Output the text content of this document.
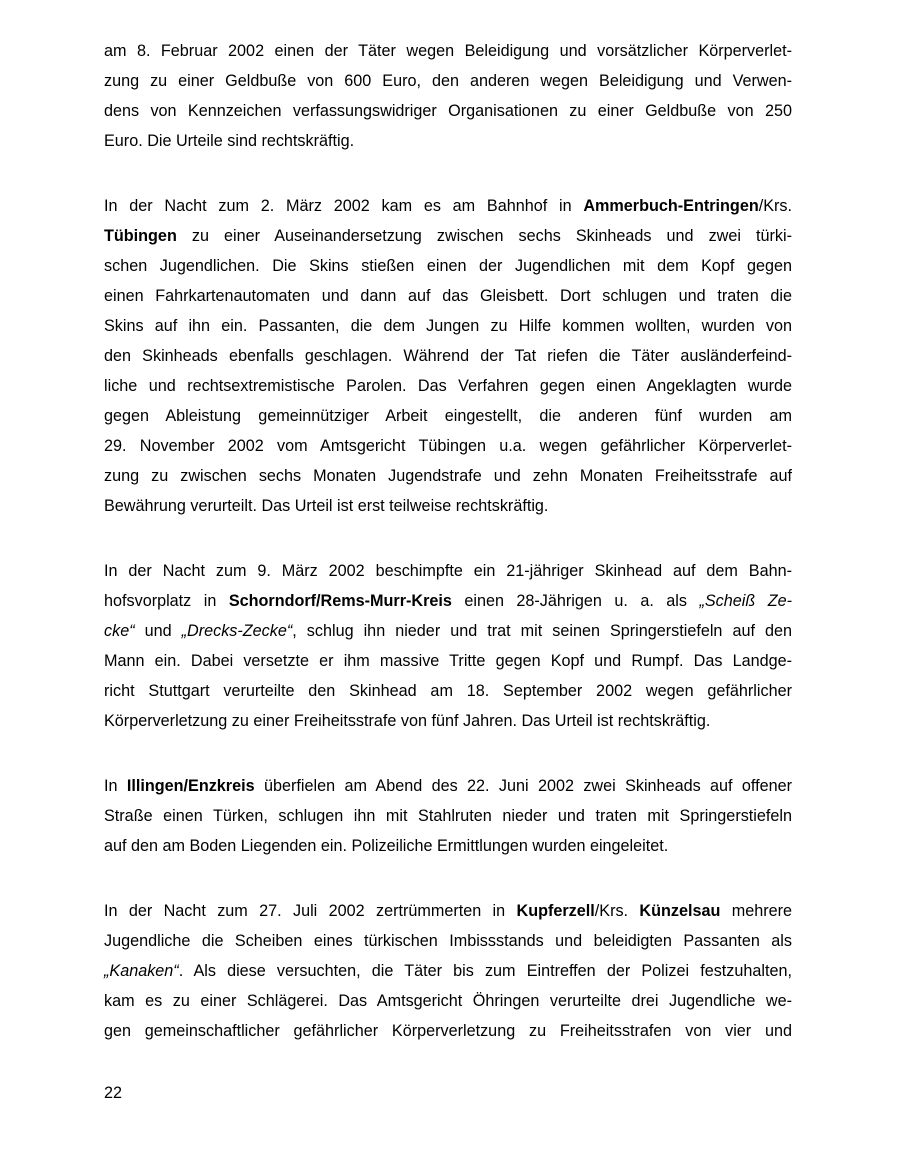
am 8. Februar 2002 einen der Täter wegen Beleidigung und vorsätzlicher Körperverlet-
zung zu einer Geldbuße von 600 Euro, den anderen wegen Beleidigung und Verwen-
dens von Kennzeichen verfassungswidriger Organisationen zu einer Geldbuße von 250
Euro. Die Urteile sind rechtskräftig.

In der Nacht zum 2. März 2002 kam es am Bahnhof in Ammerbuch-Entringen/Krs.
Tübingen zu einer Auseinandersetzung zwischen sechs Skinheads und zwei türki-
schen Jugendlichen. Die Skins stießen einen der Jugendlichen mit dem Kopf gegen
einen Fahrkartenautomaten und dann auf das Gleisbett. Dort schlugen und traten die
Skins auf ihn ein. Passanten, die dem Jungen zu Hilfe kommen wollten, wurden von
den Skinheads ebenfalls geschlagen. Während der Tat riefen die Täter ausländerfeind-
liche und rechtsextremistische Parolen. Das Verfahren gegen einen Angeklagten wurde
gegen Ableistung gemeinnütziger Arbeit eingestellt, die anderen fünf wurden am
29. November 2002 vom Amtsgericht Tübingen u.a. wegen gefährlicher Körperverlet-
zung zu zwischen sechs Monaten Jugendstrafe und zehn Monaten Freiheitsstrafe auf
Bewährung verurteilt. Das Urteil ist erst teilweise rechtskräftig.

In der Nacht zum 9. März 2002 beschimpfte ein 21-jähriger Skinhead auf dem Bahn-
hofsvorplatz in Schorndorf/Rems-Murr-Kreis einen 28-Jährigen u. a. als „Scheiß Ze-
cke“ und „Drecks-Zecke“, schlug ihn nieder und trat mit seinen Springerstiefeln auf den
Mann ein. Dabei versetzte er ihm massive Tritte gegen Kopf und Rumpf. Das Landge-
richt Stuttgart verurteilte den Skinhead am 18. September 2002 wegen gefährlicher
Körperverletzung zu einer Freiheitsstrafe von fünf Jahren. Das Urteil ist rechtskräftig.

In Illingen/Enzkreis überfielen am Abend des 22. Juni 2002 zwei Skinheads auf offener
Straße einen Türken, schlugen ihn mit Stahlruten nieder und traten mit Springerstiefeln
auf den am Boden Liegenden ein. Polizeiliche Ermittlungen wurden eingeleitet.

In der Nacht zum 27. Juli 2002 zertrümmerten in Kupferzell/Krs. Künzelsau mehrere
Jugendliche die Scheiben eines türkischen Imbissstands und beleidigten Passanten als
„Kanaken“. Als diese versuchten, die Täter bis zum Eintreffen der Polizei festzuhalten,
kam es zu einer Schlägerei. Das Amtsgericht Öhringen verurteilte drei Jugendliche we-
gen gemeinschaftlicher gefährlicher Körperverletzung zu Freiheitsstrafen von vier und

22
